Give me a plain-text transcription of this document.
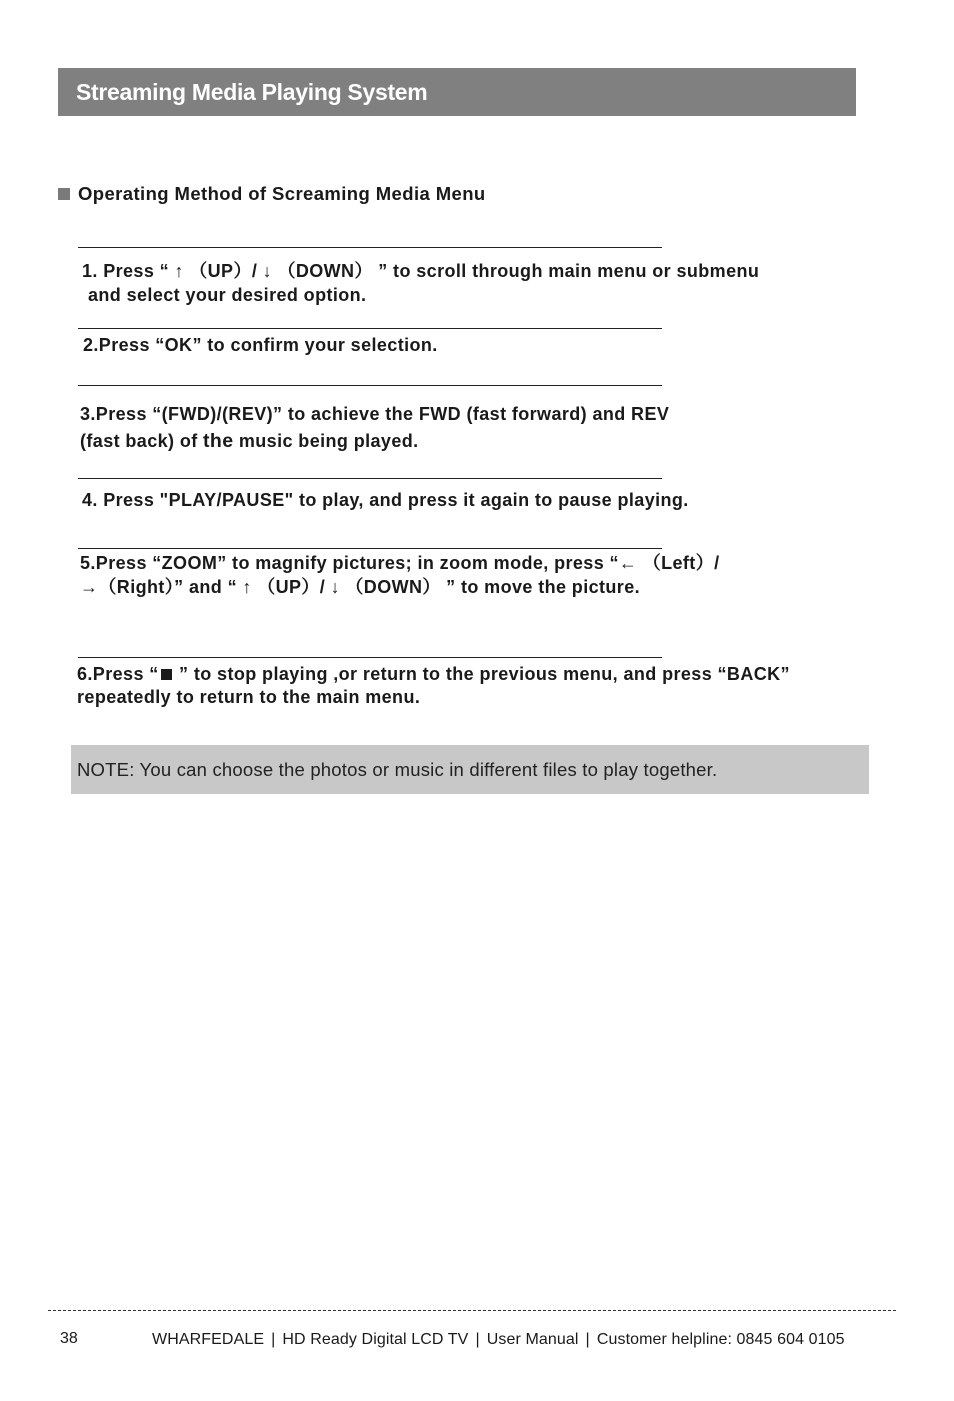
Streaming Media Playing System
Operating Method of Screaming Media Menu
1. Press “ ↑ （UP）/ ↓ （DOWN） ” to scroll through main menu or submenu
and select your desired option.
2.Press “OK” to confirm your selection.
3.Press “(FWD)/(REV)” to achieve the FWD (fast forward) and REV
(fast back) of the music being played.
4. Press "PLAY/PAUSE" to play, and press it again to pause playing.
5.Press “ZOOM” to magnify pictures; in zoom mode, press “← （Left）/
→（Right）” and “ ↑ （UP）/ ↓ （DOWN） ” to move the picture.
6.Press “ ” to stop playing ,or return to the previous menu, and press “BACK”
repeatedly to return to the main menu.
NOTE: You can choose the photos or music in different files to play together.
38	WHARFEDALE | HD Ready Digital LCD TV | User Manual | Customer helpline: 0845 604 0105
